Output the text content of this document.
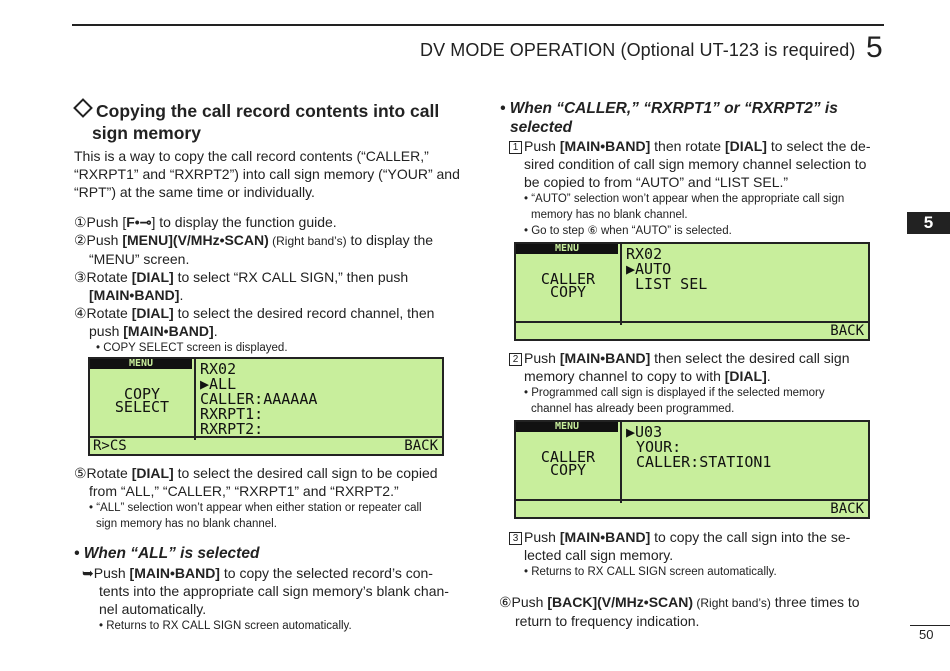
DV MODE OPERATION (Optional UT-123 is required) 5
5
50
Copying the call record contents into call
sign memory
This is a way to copy the call record contents (“CALLER,”
“RXRPT1” and “RXRPT2”) into call sign memory (“YOUR” and
“RPT”) at the same time or individually.
①Push [F•⊸] to display the function guide.
②Push [MENU](V/MHz•SCAN) (Right band’s) to display the
“MENU” screen.
③Rotate [DIAL] to select “RX CALL SIGN,” then push
[MAIN•BAND].
④Rotate [DIAL] to select the desired record channel, then
push [MAIN•BAND].
• COPY SELECT screen is displayed.
MENU
COPY
SELECT
RX02
▶ALL
CALLER:AAAAAA
RXRPT1:
RXRPT2:
R>CS	BACK
⑤Rotate [DIAL] to select the desired call sign to be copied
from “ALL,” “CALLER,” “RXRPT1” and “RXRPT2.”
• “ALL” selection won’t appear when either station or repeater call
sign memory has no blank channel.
• When “ALL” is selected
➥Push [MAIN•BAND] to copy the selected record’s con-
tents into the appropriate call sign memory’s blank chan-
nel automatically.
• Returns to RX CALL SIGN screen automatically.
• When “CALLER,” “RXRPT1” or “RXRPT2” is
selected
1 Push [MAIN•BAND] then rotate [DIAL] to select the de-
sired condition of call sign memory channel selection to
be copied to from “AUTO” and “LIST SEL.”
• “AUTO” selection won’t appear when the appropriate call sign
memory has no blank channel.
• Go to step ⑥ when “AUTO” is selected.
MENU
CALLER
COPY
RX02
▶AUTO
LIST SEL
BACK
2 Push [MAIN•BAND] then select the desired call sign
memory channel to copy to with [DIAL].
• Programmed call sign is displayed if the selected memory
channel has already been programmed.
MENU
CALLER
COPY
▶U03
YOUR:
CALLER:STATION1
BACK
3 Push [MAIN•BAND] to copy the call sign into the se-
lected call sign memory.
• Returns to RX CALL SIGN screen automatically.
⑥Push [BACK](V/MHz•SCAN) (Right band’s) three times to
return to frequency indication.
